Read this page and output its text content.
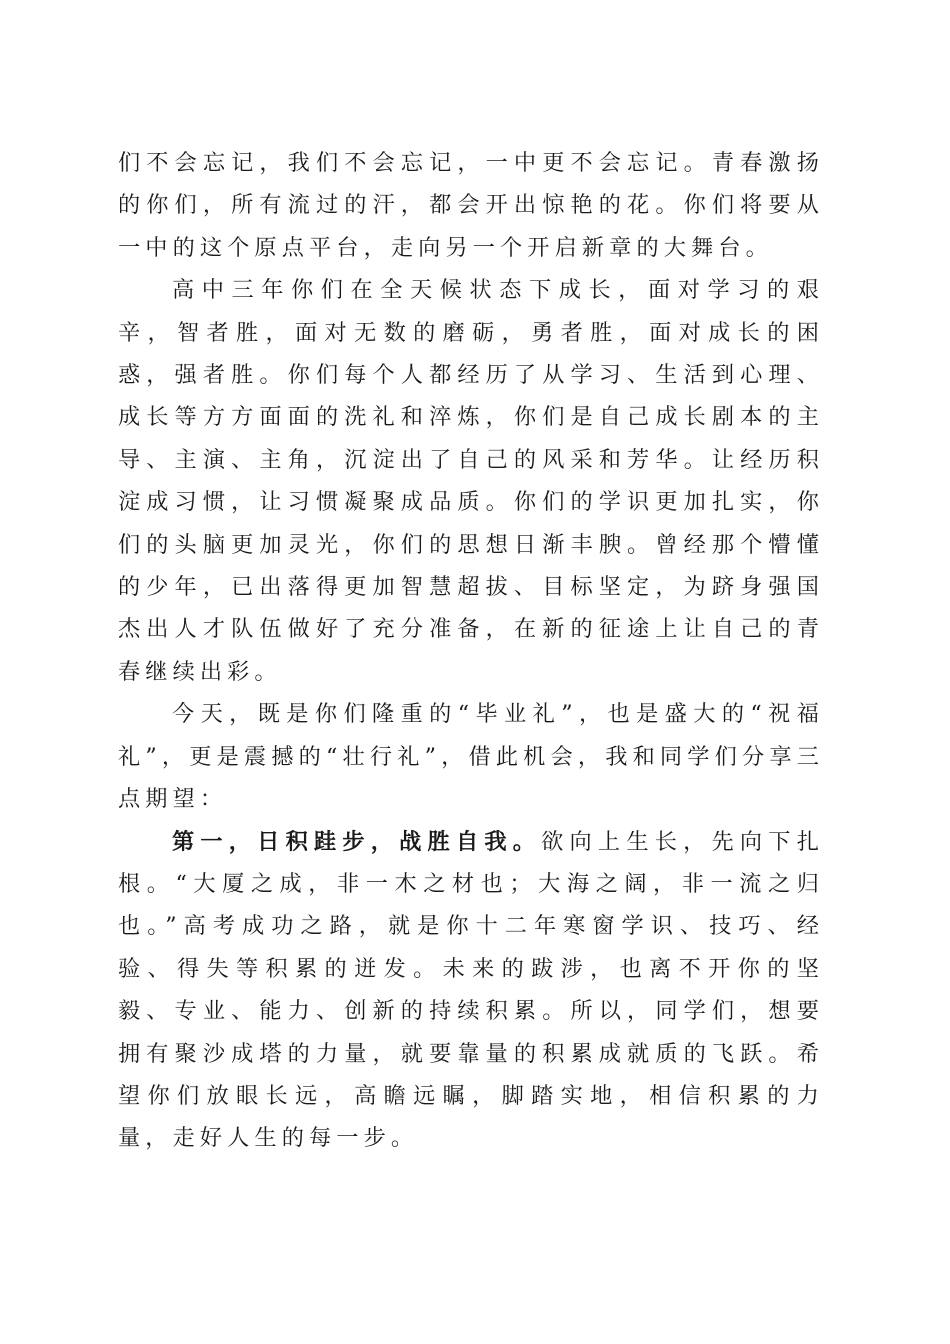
们不会忘记，我们不会忘记，一中更不会忘记。青春激扬的你们，所有流过的汗，都会开出惊艳的花。你们将要从一中的这个原点平台，走向另一个开启新章的大舞台。

高中三年你们在全天候状态下成长，面对学习的艰辛，智者胜，面对无数的磨砺，勇者胜，面对成长的困惑，强者胜。你们每个人都经历了从学习、生活到心理、成长等方方面面的洗礼和淬炼，你们是自己成长剧本的主导、主演、主角，沉淀出了自己的风采和芳华。让经历积淀成习惯，让习惯凝聚成品质。你们的学识更加扎实，你们的头脑更加灵光，你们的思想日渐丰腴。曾经那个懵懂的少年，已出落得更加智慧超拔、目标坚定，为跻身强国杰出人才队伍做好了充分准备，在新的征途上让自己的青春继续出彩。

今天，既是你们隆重的“毕业礼”，也是盛大的“祝福礼”，更是震撼的“壮行礼”，借此机会，我和同学们分享三点期望：

第一，日积跬步，战胜自我。欲向上生长，先向下扎根。“大厦之成，非一木之材也；大海之阔，非一流之归也。”高考成功之路，就是你十二年寒窗学识、技巧、经验、得失等积累的迸发。未来的跋涉，也离不开你的坚毅、专业、能力、创新的持续积累。所以，同学们，想要拥有聚沙成塔的力量，就要靠量的积累成就质的飞跃。希望你们放眼长远，高瞻远瞩，脚踏实地，相信积累的力量，走好人生的每一步。
